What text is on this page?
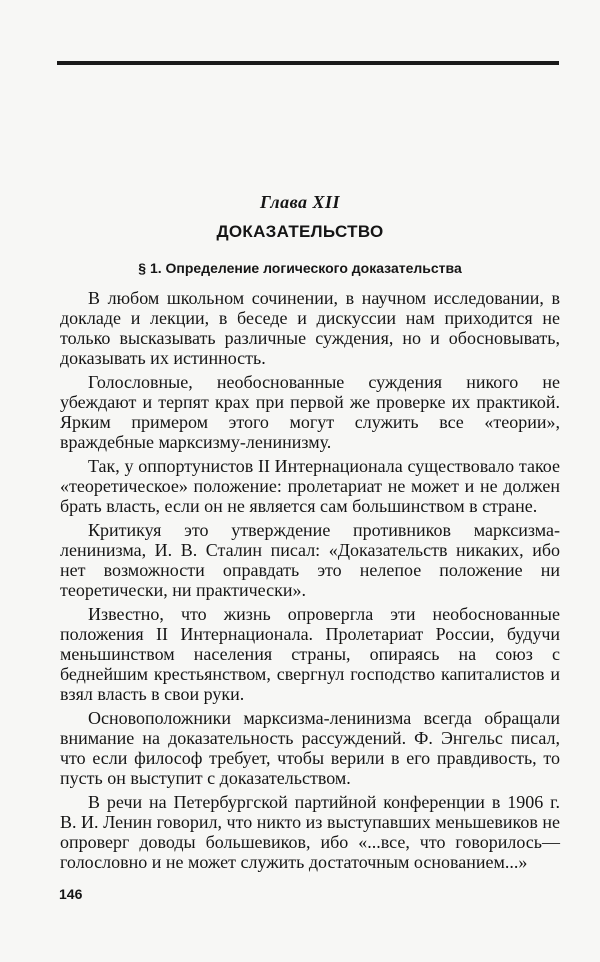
Глава XII
ДОКАЗАТЕЛЬСТВО
§ 1. Определение логического доказательства

В любом школьном сочинении, в научном исследовании, в докладе и лекции, в беседе и дискуссии нам приходится не только высказывать различные суждения, но и обосновывать, доказывать их истинность.

Голословные, необоснованные суждения никого не убеждают и терпят крах при первой же проверке их практикой. Ярким примером этого могут служить все «теории», враждебные марксизму-ленинизму.

Так, у оппортунистов II Интернационала существовало такое «теоретическое» положение: пролетариат не может и не должен брать власть, если он не является сам большинством в стране.

Критикуя это утверждение противников марксизма-ленинизма, И. В. Сталин писал: «Доказательств никаких, ибо нет возможности оправдать это нелепое положение ни теоретически, ни практически».

Известно, что жизнь опровергла эти необоснованные положения II Интернационала. Пролетариат России, будучи меньшинством населения страны, опираясь на союз с беднейшим крестьянством, свергнул господство капиталистов и взял власть в свои руки.

Основоположники марксизма-ленинизма всегда обращали внимание на доказательность рассуждений. Ф. Энгельс писал, что если философ требует, чтобы верили в его правдивость, то пусть он выступит с доказательством.

В речи на Петербургской партийной конференции в 1906 г. В. И. Ленин говорил, что никто из выступавших меньшевиков не опроверг доводы большевиков, ибо «...все, что говорилось—голословно и не может служить достаточным основанием...»

146
